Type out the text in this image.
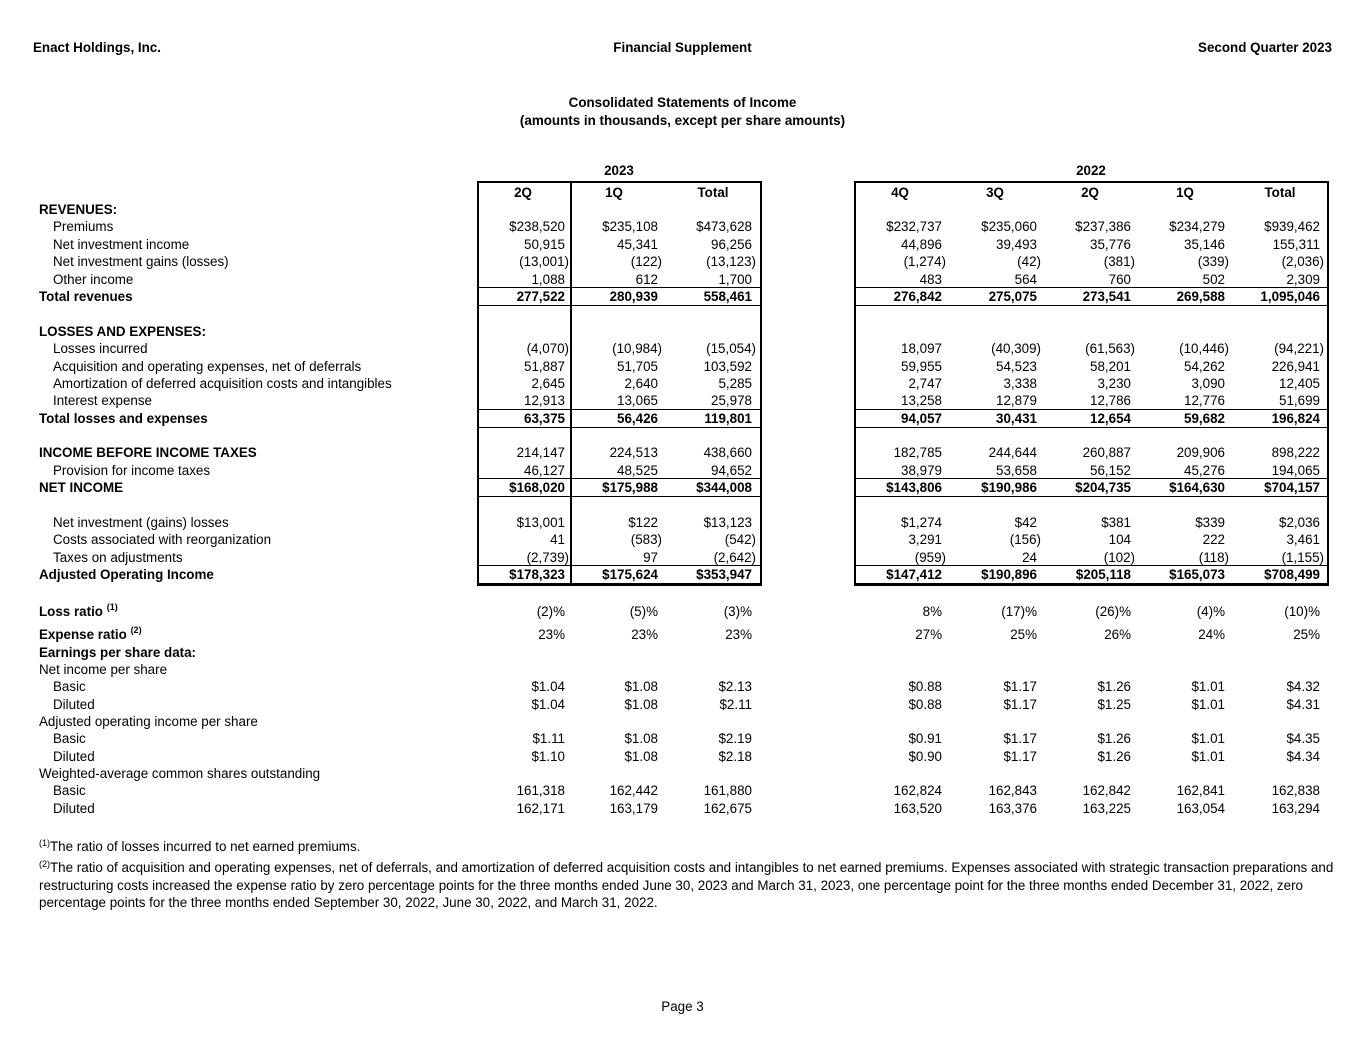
Enact Holdings, Inc.	Financial Supplement	Second Quarter 2023
Consolidated Statements of Income
(amounts in thousands, except per share amounts)
2023	2022
2Q	1Q	Total	4Q	3Q	2Q	1Q	Total
REVENUES:
Premiums	$238,520	$235,108	$473,628	$232,737	$235,060	$237,386	$234,279	$939,462
Net investment income	50,915	45,341	96,256	44,896	39,493	35,776	35,146	155,311
Net investment gains (losses)	(13,001)	(122)	(13,123)	(1,274)	(42)	(381)	(339)	(2,036)
Other income	1,088	612	1,700	483	564	760	502	2,309
Total revenues	277,522	280,939	558,461	276,842	275,075	273,541	269,588	1,095,046
LOSSES AND EXPENSES:
Losses incurred	(4,070)	(10,984)	(15,054)	18,097	(40,309)	(61,563)	(10,446)	(94,221)
Acquisition and operating expenses, net of deferrals	51,887	51,705	103,592	59,955	54,523	58,201	54,262	226,941
Amortization of deferred acquisition costs and intangibles	2,645	2,640	5,285	2,747	3,338	3,230	3,090	12,405
Interest expense	12,913	13,065	25,978	13,258	12,879	12,786	12,776	51,699
Total losses and expenses	63,375	56,426	119,801	94,057	30,431	12,654	59,682	196,824
INCOME BEFORE INCOME TAXES	214,147	224,513	438,660	182,785	244,644	260,887	209,906	898,222
Provision for income taxes	46,127	48,525	94,652	38,979	53,658	56,152	45,276	194,065
NET INCOME	$168,020	$175,988	$344,008	$143,806	$190,986	$204,735	$164,630	$704,157
Net investment (gains) losses	$13,001	$122	$13,123	$1,274	$42	$381	$339	$2,036
Costs associated with reorganization	41	(583)	(542)	3,291	(156)	104	222	3,461
Taxes on adjustments	(2,739)	97	(2,642)	(959)	24	(102)	(118)	(1,155)
Adjusted Operating Income	$178,323	$175,624	$353,947	$147,412	$190,896	$205,118	$165,073	$708,499
Loss ratio $^{(1)}$	(2)%	(5)%	(3)%	8%	(17)%	(26)%	(4)%	(10)%
Expense ratio $^{(2)}$	23%	23%	23%	27%	25%	26%	24%	25%
Earnings per share data:
Net income per share
Basic	$1.04	$1.08	$2.13	$0.88	$1.17	$1.26	$1.01	$4.32
Diluted	$1.04	$1.08	$2.11	$0.88	$1.17	$1.25	$1.01	$4.31
Adjusted operating income per share
Basic	$1.11	$1.08	$2.19	$0.91	$1.17	$1.26	$1.01	$4.35
Diluted	$1.10	$1.08	$2.18	$0.90	$1.17	$1.26	$1.01	$4.34
Weighted-average common shares outstanding
Basic	161,318	162,442	161,880	162,824	162,843	162,842	162,841	162,838
Diluted	162,171	163,179	162,675	163,520	163,376	163,225	163,054	163,294
$^{(1)}$The ratio of losses incurred to net earned premiums.
$^{(2)}$The ratio of acquisition and operating expenses, net of deferrals, and amortization of deferred acquisition costs and intangibles to net earned premiums. Expenses associated with strategic transaction preparations and restructuring costs increased the expense ratio by zero percentage points for the three months ended June 30, 2023 and March 31, 2023, one percentage point for the three months ended December 31, 2022, zero percentage points for the three months ended September 30, 2022, June 30, 2022, and March 31, 2022.
Page 3
